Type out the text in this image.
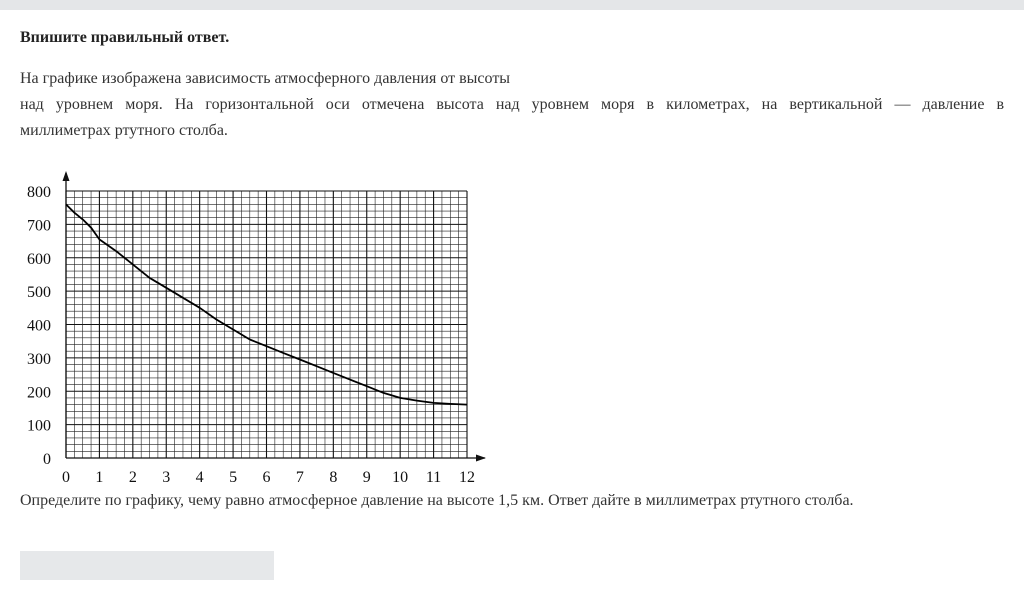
Впишите правильный ответ.

На графике изображена зависимость атмосферного давления от высоты

над уровнем моря. На горизонтальной оси отмечена высота над уровнем моря в километрах, на вертикальной — давление в

миллиметрах ртутного столба.

0 1 2 3 4 5 6 7 8 9 10 11 12
0
100
200
300
400
500
600
700
800
Определите по графику, чему равно атмосферное давление на высоте 1,5 км. Ответ дайте в миллиметрах ртутного столба.
